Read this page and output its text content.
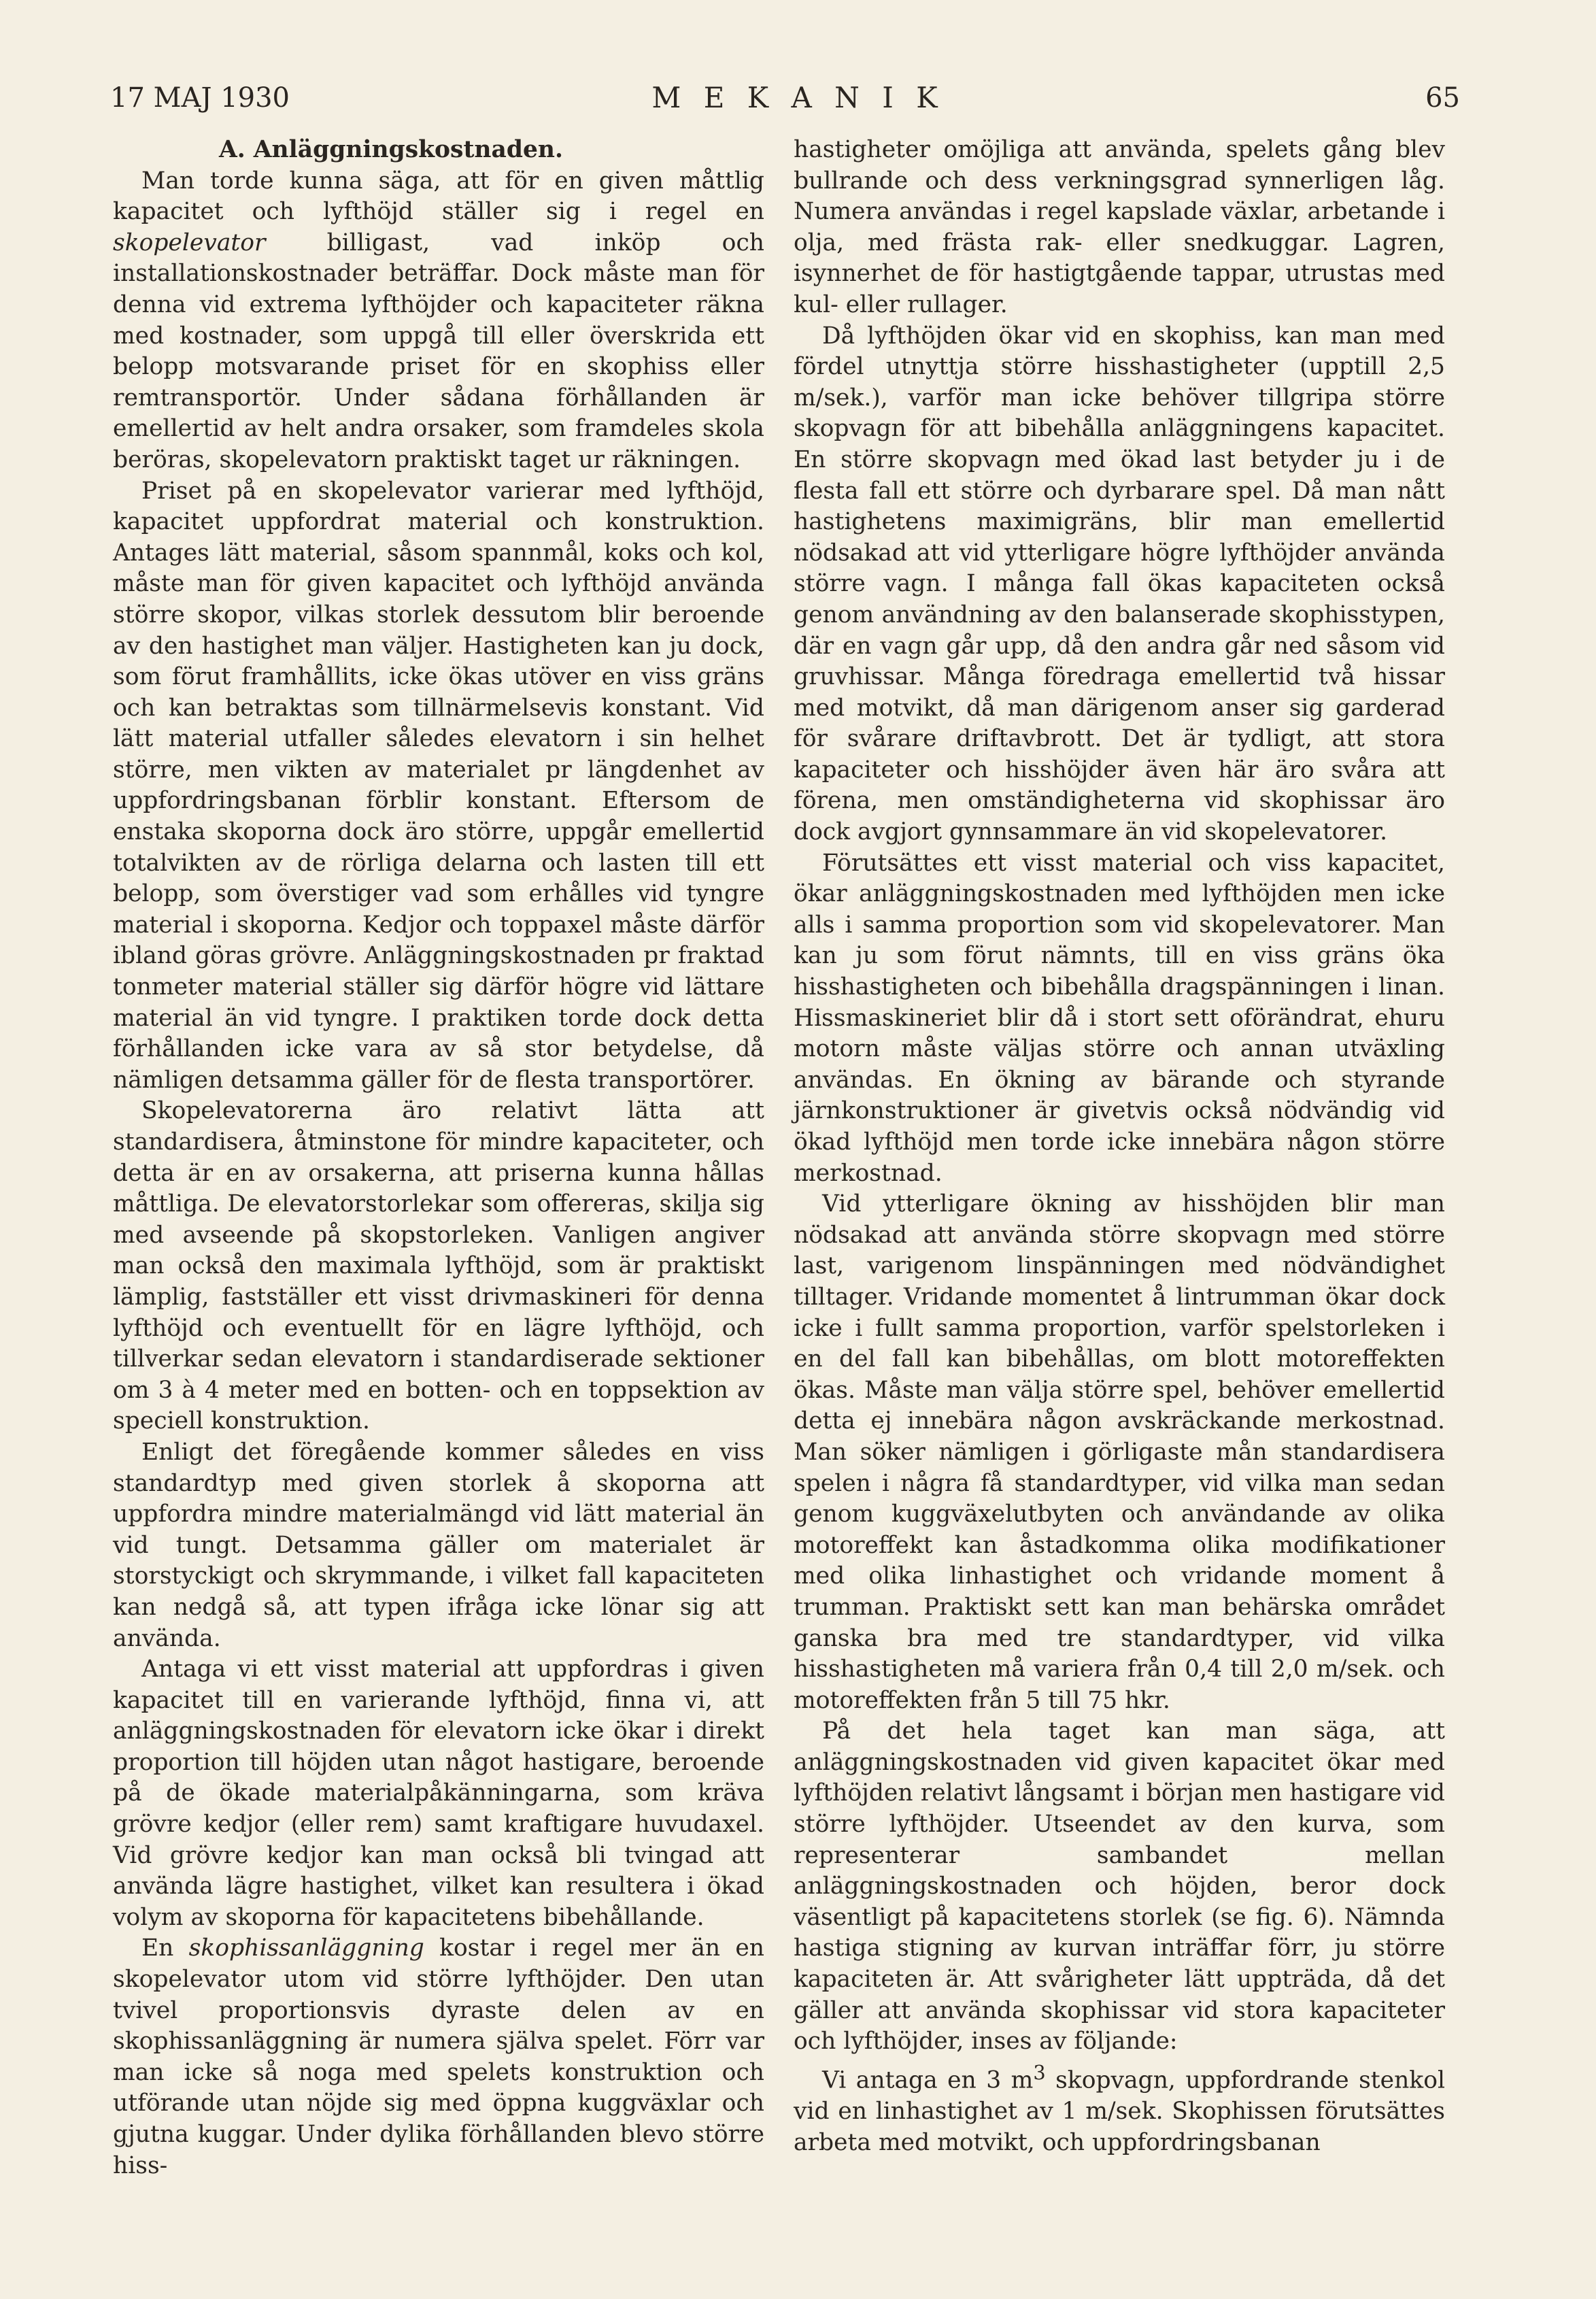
17 MAJ 1930	M E K A N I K	65
A. Anläggningskostnaden.

Man torde kunna säga, att för en given måttlig kapacitet och lyfthöjd ställer sig i regel en skopelevator billigast, vad inköp och installationskostnader beträffar. Dock måste man för denna vid extrema lyfthöjder och kapaciteter räkna med kostnader, som uppgå till eller överskrida ett belopp motsvarande priset för en skophiss eller remtransportör. Under sådana förhållanden är emellertid av helt andra orsaker, som framdeles skola beröras, skopelevatorn praktiskt taget ur räkningen.

Priset på en skopelevator varierar med lyfthöjd, kapacitet uppfordrat material och konstruktion. Antages lätt material, såsom spannmål, koks och kol, måste man för given kapacitet och lyfthöjd använda större skopor, vilkas storlek dessutom blir beroende av den hastighet man väljer. Hastigheten kan ju dock, som förut framhållits, icke ökas utöver en viss gräns och kan betraktas som tillnärmelsevis konstant. Vid lätt material utfaller således elevatorn i sin helhet större, men vikten av materialet pr längdenhet av uppfordringsbanan förblir konstant. Eftersom de enstaka skoporna dock äro större, uppgår emellertid totalvikten av de rörliga delarna och lasten till ett belopp, som överstiger vad som erhålles vid tyngre material i skoporna. Kedjor och toppaxel måste därför ibland göras grövre. Anläggningskostnaden pr fraktad tonmeter material ställer sig därför högre vid lättare material än vid tyngre. I praktiken torde dock detta förhållanden icke vara av så stor betydelse, då nämligen detsamma gäller för de flesta transportörer.

Skopelevatorerna äro relativt lätta att standardisera, åtminstone för mindre kapaciteter, och detta är en av orsakerna, att priserna kunna hållas måttliga. De elevatorstorlekar som offereras, skilja sig med avseende på skopstorleken. Vanligen angiver man också den maximala lyfthöjd, som är praktiskt lämplig, fastställer ett visst drivmaskineri för denna lyfthöjd och eventuellt för en lägre lyfthöjd, och tillverkar sedan elevatorn i standardiserade sektioner om 3 à 4 meter med en botten- och en toppsektion av speciell konstruktion.

Enligt det föregående kommer således en viss standardtyp med given storlek å skoporna att uppfordra mindre materialmängd vid lätt material än vid tungt. Detsamma gäller om materialet är storstyckigt och skrymmande, i vilket fall kapaciteten kan nedgå så, att typen ifråga icke lönar sig att använda.

Antaga vi ett visst material att uppfordras i given kapacitet till en varierande lyfthöjd, finna vi, att anläggningskostnaden för elevatorn icke ökar i direkt proportion till höjden utan något hastigare, beroende på de ökade materialpåkänningarna, som kräva grövre kedjor (eller rem) samt kraftigare huvudaxel. Vid grövre kedjor kan man också bli tvingad att använda lägre hastighet, vilket kan resultera i ökad volym av skoporna för kapacitetens bibehållande.

En skophissanläggning kostar i regel mer än en skopelevator utom vid större lyfthöjder. Den utan tvivel proportionsvis dyraste delen av en skophissanläggning är numera själva spelet. Förr var man icke så noga med spelets konstruktion och utförande utan nöjde sig med öppna kuggväxlar och gjutna kuggar. Under dylika förhållanden blevo större hiss-

hastigheter omöjliga att använda, spelets gång blev bullrande och dess verkningsgrad synnerligen låg. Numera användas i regel kapslade växlar, arbetande i olja, med frästa rak- eller snedkuggar. Lagren, isynnerhet de för hastigtgående tappar, utrustas med kul- eller rullager.

Då lyfthöjden ökar vid en skophiss, kan man med fördel utnyttja större hisshastigheter (upptill 2,5 m/sek.), varför man icke behöver tillgripa större skopvagn för att bibehålla anläggningens kapacitet. En större skopvagn med ökad last betyder ju i de flesta fall ett större och dyrbarare spel. Då man nått hastighetens maximigräns, blir man emellertid nödsakad att vid ytterligare högre lyfthöjder använda större vagn. I många fall ökas kapaciteten också genom användning av den balanserade skophisstypen, där en vagn går upp, då den andra går ned såsom vid gruvhissar. Många föredraga emellertid två hissar med motvikt, då man därigenom anser sig garderad för svårare driftavbrott. Det är tydligt, att stora kapaciteter och hisshöjder även här äro svåra att förena, men omständigheterna vid skophissar äro dock avgjort gynnsammare än vid skopelevatorer.

Förutsättes ett visst material och viss kapacitet, ökar anläggningskostnaden med lyfthöjden men icke alls i samma proportion som vid skopelevatorer. Man kan ju som förut nämnts, till en viss gräns öka hisshastigheten och bibehålla dragspänningen i linan. Hissmaskineriet blir då i stort sett oförändrat, ehuru motorn måste väljas större och annan utväxling användas. En ökning av bärande och styrande järnkonstruktioner är givetvis också nödvändig vid ökad lyfthöjd men torde icke innebära någon större merkostnad.

Vid ytterligare ökning av hisshöjden blir man nödsakad att använda större skopvagn med större last, varigenom linspänningen med nödvändighet tilltager. Vridande momentet å lintrumman ökar dock icke i fullt samma proportion, varför spelstorleken i en del fall kan bibehållas, om blott motoreffekten ökas. Måste man välja större spel, behöver emellertid detta ej innebära någon avskräckande merkostnad. Man söker nämligen i görligaste mån standardisera spelen i några få standardtyper, vid vilka man sedan genom kuggväxelutbyten och användande av olika motoreffekt kan åstadkomma olika modifikationer med olika linhastighet och vridande moment å trumman. Praktiskt sett kan man behärska området ganska bra med tre standardtyper, vid vilka hisshastigheten må variera från 0,4 till 2,0 m/sek. och motoreffekten från 5 till 75 hkr.

På det hela taget kan man säga, att anläggningskostnaden vid given kapacitet ökar med lyfthöjden relativt långsamt i början men hastigare vid större lyfthöjder. Utseendet av den kurva, som representerar sambandet mellan anläggningskostnaden och höjden, beror dock väsentligt på kapacitetens storlek (se fig. 6). Nämnda hastiga stigning av kurvan inträffar förr, ju större kapaciteten är. Att svårigheter lätt uppträda, då det gäller att använda skophissar vid stora kapaciteter och lyfthöjder, inses av följande:

Vi antaga en 3 $m^3$ skopvagn, uppfordrande stenkol vid en linhastighet av 1 m/sek. Skophissen förutsättes arbeta med motvikt, och uppfordringsbanan
